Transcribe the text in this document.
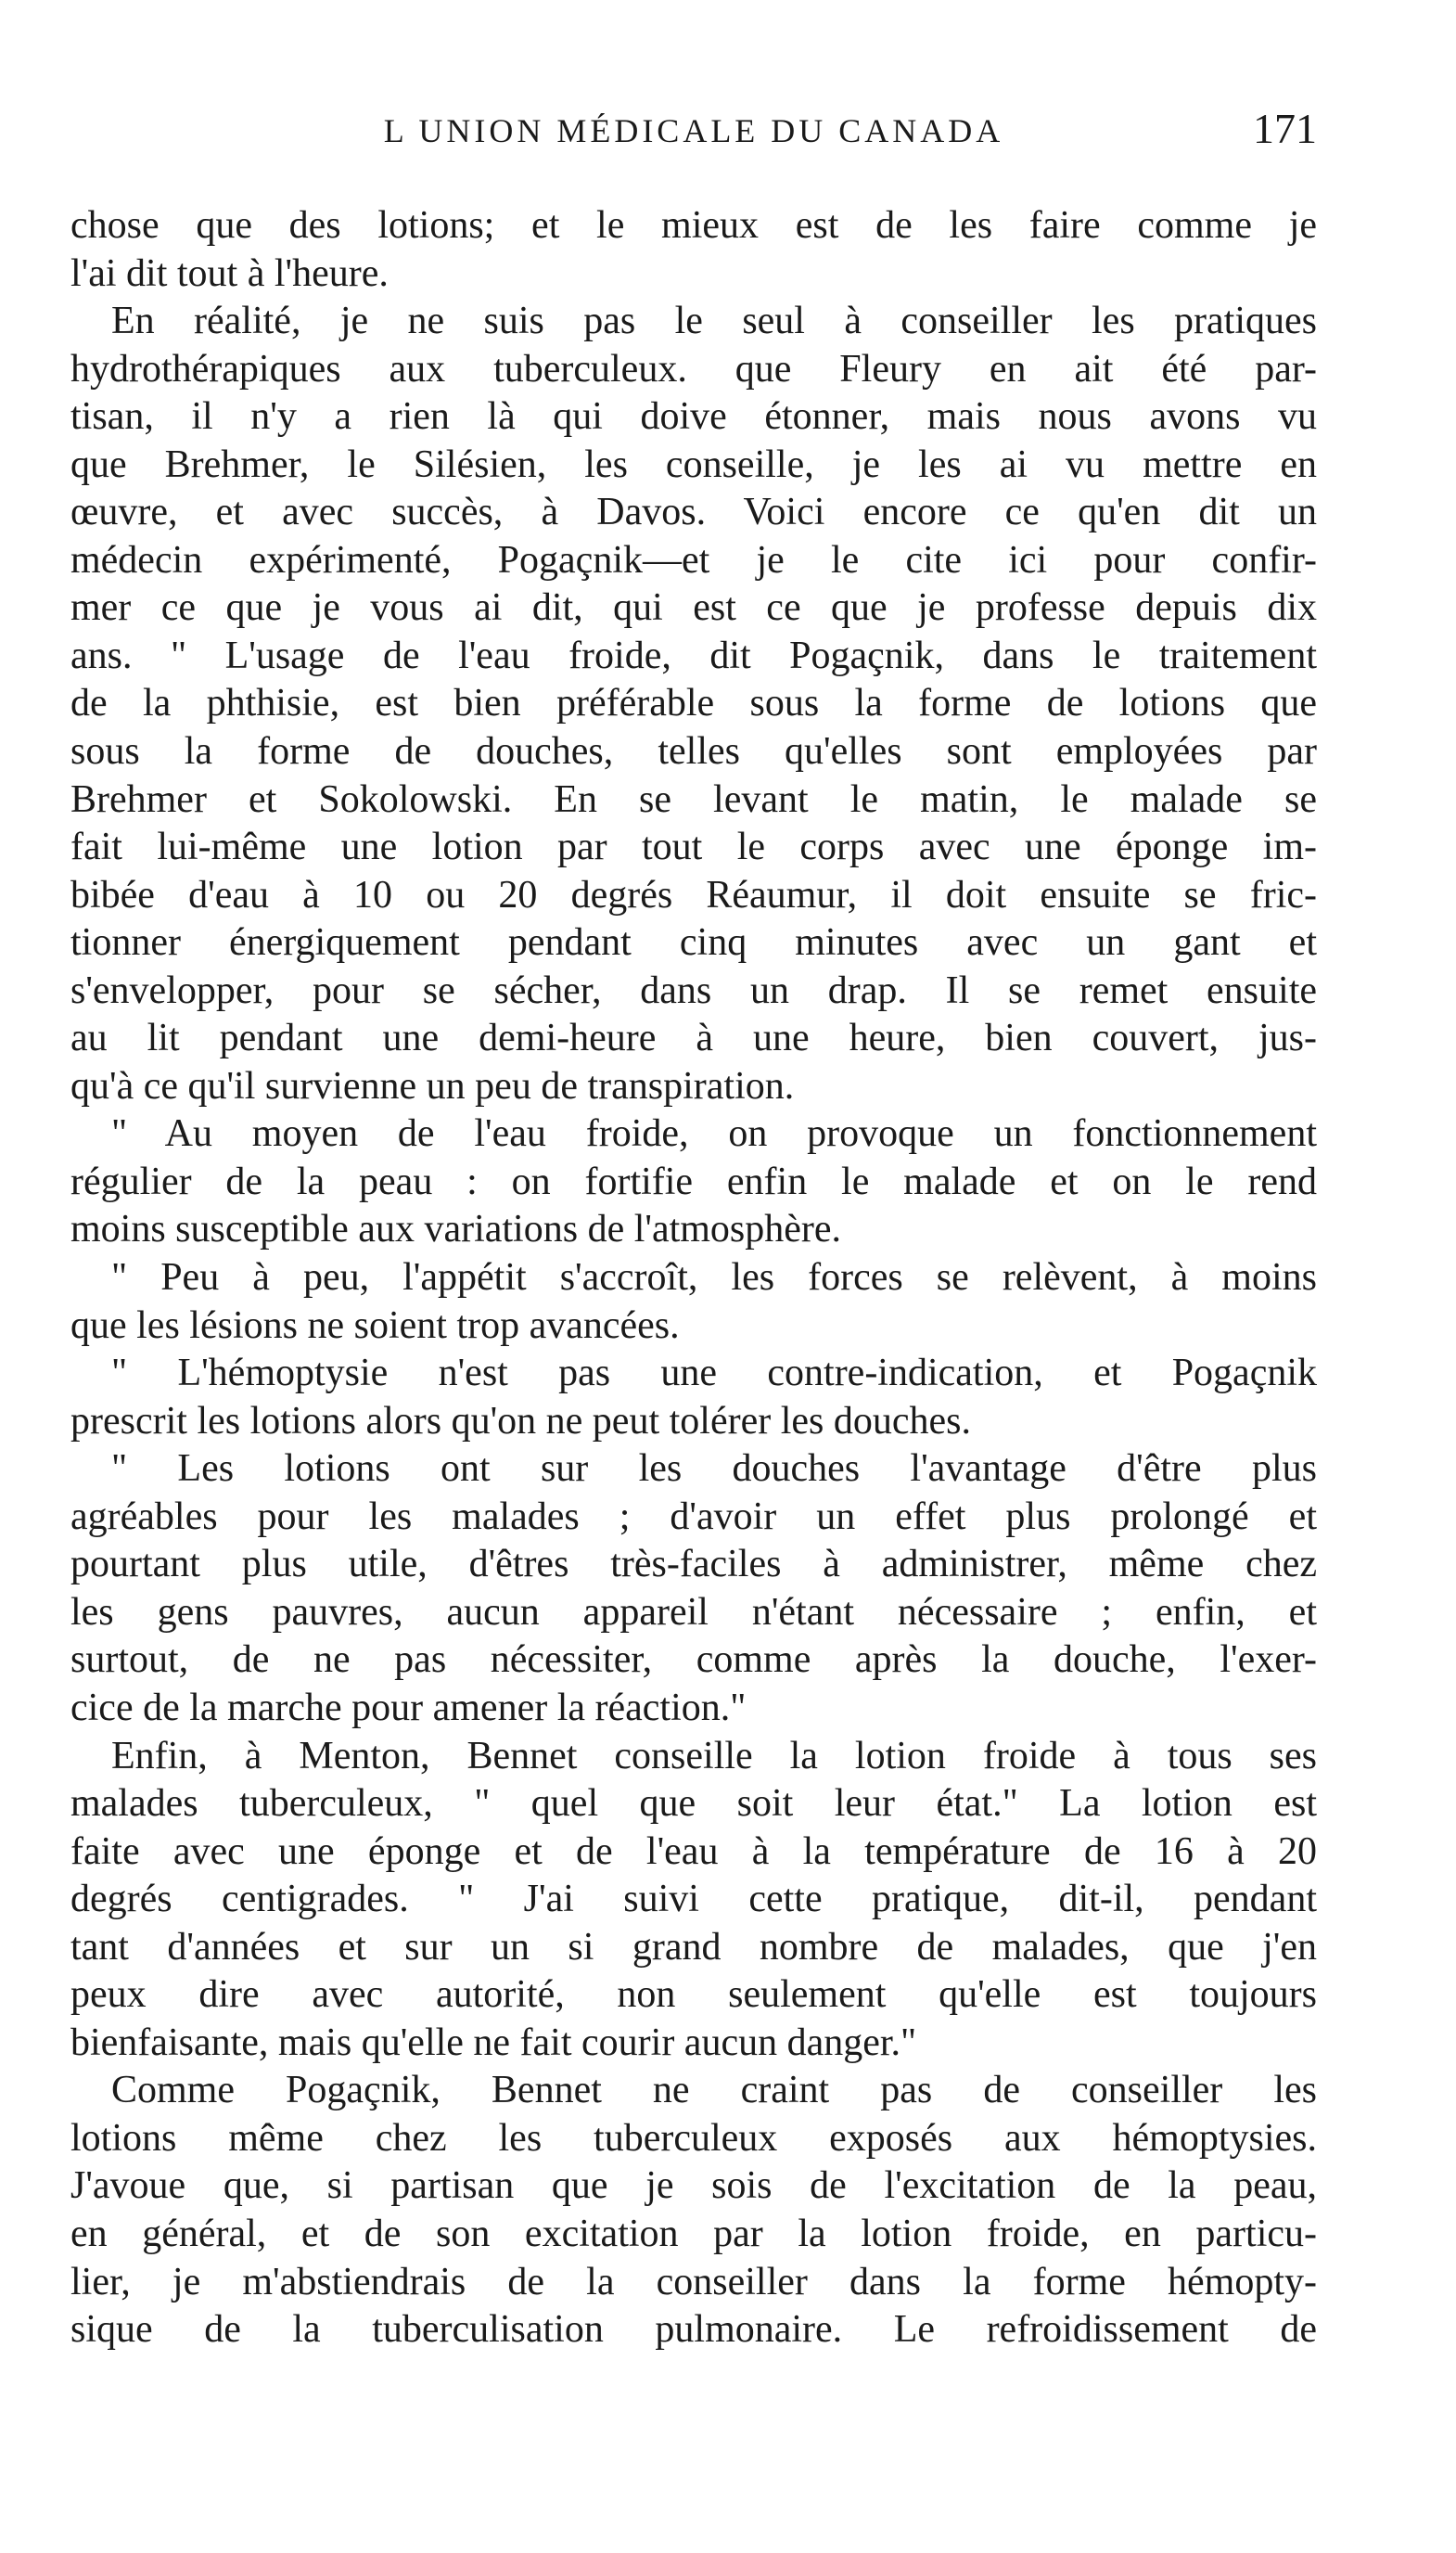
L UNION MÉDICALE DU CANADA	171
chose que des lotions; et le mieux est de les faire comme je
l'ai dit tout à l'heure.
En réalité, je ne suis pas le seul à conseiller les pratiques
hydrothérapiques aux tuberculeux. que Fleury en ait été par-
tisan, il n'y a rien là qui doive étonner, mais nous avons vu
que Brehmer, le Silésien, les conseille, je les ai vu mettre en
œuvre, et avec succès, à Davos. Voici encore ce qu'en dit un
médecin expérimenté, Pogaçnik—et je le cite ici pour confir-
mer ce que je vous ai dit, qui est ce que je professe depuis dix
ans. " L'usage de l'eau froide, dit Pogaçnik, dans le traitement
de la phthisie, est bien préférable sous la forme de lotions que
sous la forme de douches, telles qu'elles sont employées par
Brehmer et Sokolowski. En se levant le matin, le malade se
fait lui-même une lotion par tout le corps avec une éponge im-
bibée d'eau à 10 ou 20 degrés Réaumur, il doit ensuite se fric-
tionner énergiquement pendant cinq minutes avec un gant et
s'envelopper, pour se sécher, dans un drap. Il se remet ensuite
au lit pendant une demi-heure à une heure, bien couvert, jus-
qu'à ce qu'il survienne un peu de transpiration.
" Au moyen de l'eau froide, on provoque un fonctionnement
régulier de la peau : on fortifie enfin le malade et on le rend
moins susceptible aux variations de l'atmosphère.
" Peu à peu, l'appétit s'accroît, les forces se relèvent, à moins
que les lésions ne soient trop avancées.
" L'hémoptysie n'est pas une contre-indication, et Pogaçnik
prescrit les lotions alors qu'on ne peut tolérer les douches.
" Les lotions ont sur les douches l'avantage d'être plus
agréables pour les malades ; d'avoir un effet plus prolongé et
pourtant plus utile, d'êtres très-faciles à administrer, même chez
les gens pauvres, aucun appareil n'étant nécessaire ; enfin, et
surtout, de ne pas nécessiter, comme après la douche, l'exer-
cice de la marche pour amener la réaction."
Enfin, à Menton, Bennet conseille la lotion froide à tous ses
malades tuberculeux, " quel que soit leur état." La lotion est
faite avec une éponge et de l'eau à la température de 16 à 20
degrés centigrades. " J'ai suivi cette pratique, dit-il, pendant
tant d'années et sur un si grand nombre de malades, que j'en
peux dire avec autorité, non seulement qu'elle est toujours
bienfaisante, mais qu'elle ne fait courir aucun danger."
Comme Pogaçnik, Bennet ne craint pas de conseiller les
lotions même chez les tuberculeux exposés aux hémoptysies.
J'avoue que, si partisan que je sois de l'excitation de la peau,
en général, et de son excitation par la lotion froide, en particu-
lier, je m'abstiendrais de la conseiller dans la forme hémopty-
sique de la tuberculisation pulmonaire. Le refroidissement de
